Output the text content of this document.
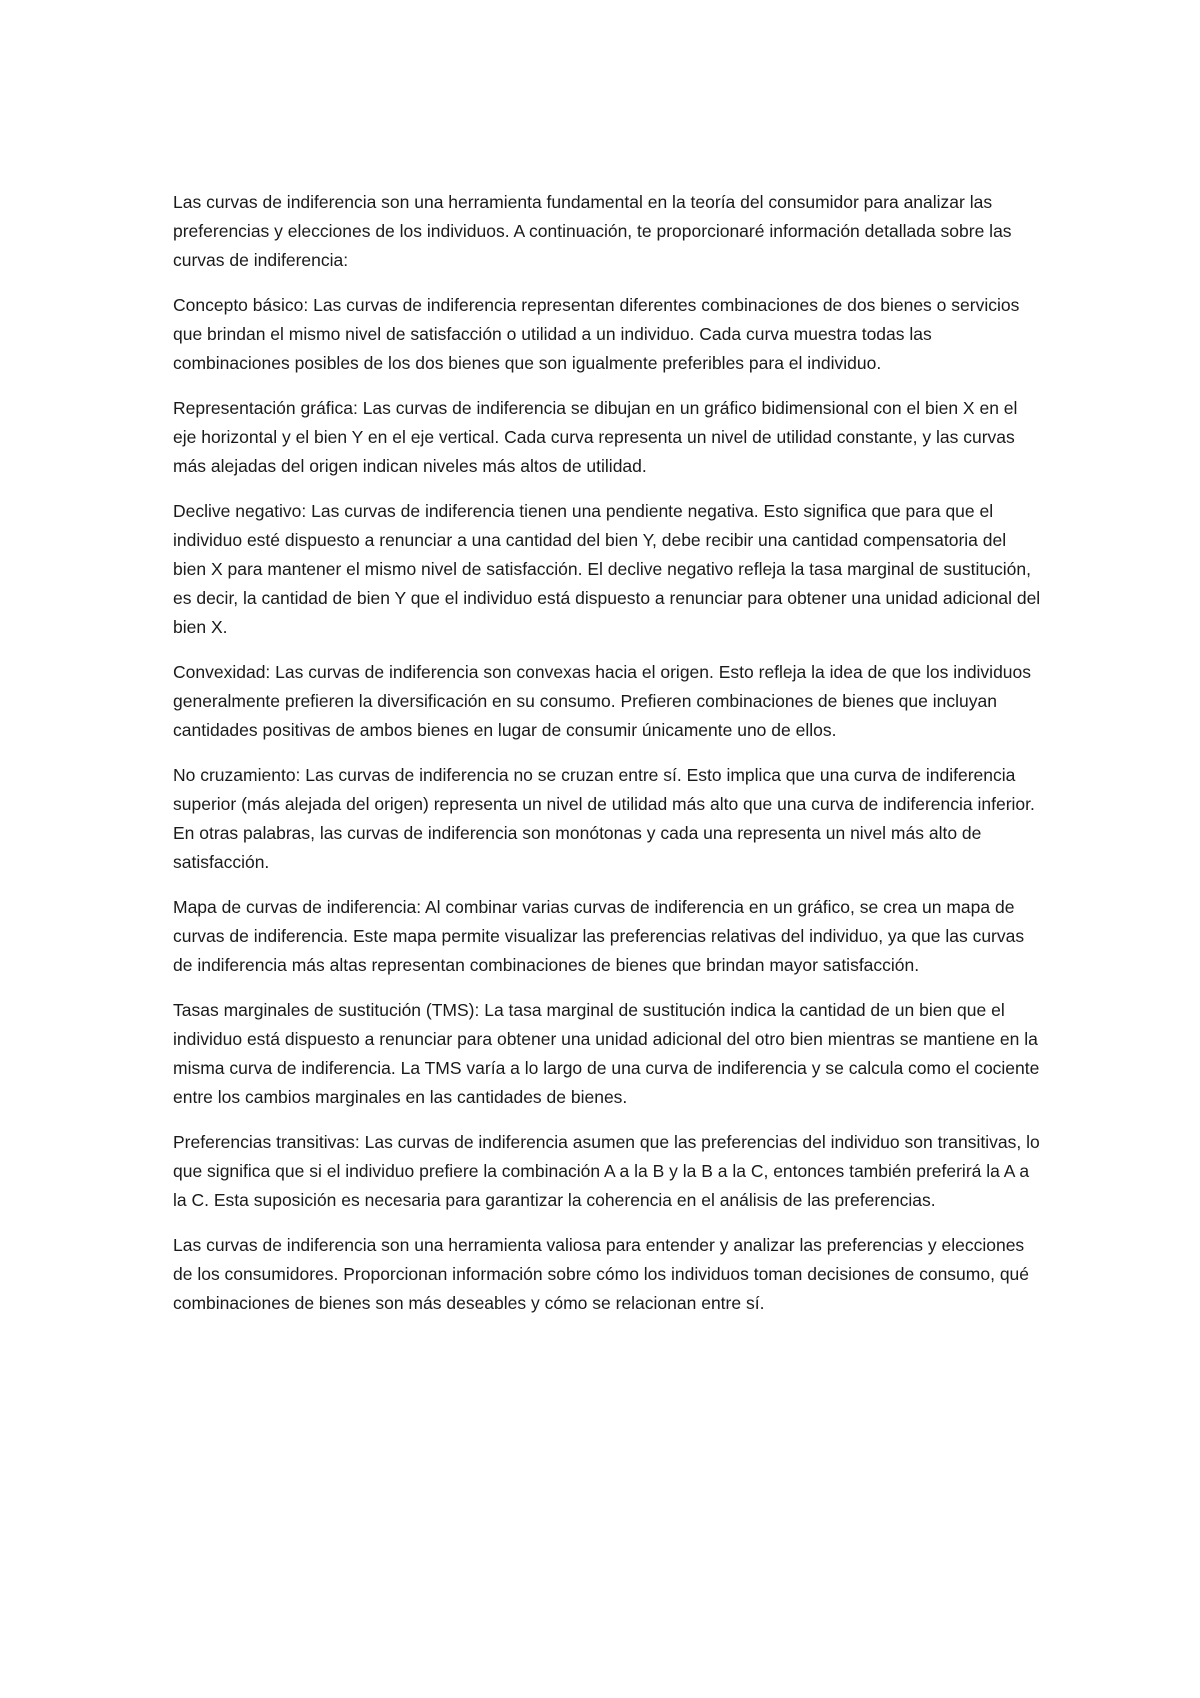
Las curvas de indiferencia son una herramienta fundamental en la teoría del consumidor para analizar las preferencias y elecciones de los individuos. A continuación, te proporcionaré información detallada sobre las curvas de indiferencia:

Concepto básico: Las curvas de indiferencia representan diferentes combinaciones de dos bienes o servicios que brindan el mismo nivel de satisfacción o utilidad a un individuo. Cada curva muestra todas las combinaciones posibles de los dos bienes que son igualmente preferibles para el individuo.

Representación gráfica: Las curvas de indiferencia se dibujan en un gráfico bidimensional con el bien X en el eje horizontal y el bien Y en el eje vertical. Cada curva representa un nivel de utilidad constante, y las curvas más alejadas del origen indican niveles más altos de utilidad.

Declive negativo: Las curvas de indiferencia tienen una pendiente negativa. Esto significa que para que el individuo esté dispuesto a renunciar a una cantidad del bien Y, debe recibir una cantidad compensatoria del bien X para mantener el mismo nivel de satisfacción. El declive negativo refleja la tasa marginal de sustitución, es decir, la cantidad de bien Y que el individuo está dispuesto a renunciar para obtener una unidad adicional del bien X.

Convexidad: Las curvas de indiferencia son convexas hacia el origen. Esto refleja la idea de que los individuos generalmente prefieren la diversificación en su consumo. Prefieren combinaciones de bienes que incluyan cantidades positivas de ambos bienes en lugar de consumir únicamente uno de ellos.

No cruzamiento: Las curvas de indiferencia no se cruzan entre sí. Esto implica que una curva de indiferencia superior (más alejada del origen) representa un nivel de utilidad más alto que una curva de indiferencia inferior. En otras palabras, las curvas de indiferencia son monótonas y cada una representa un nivel más alto de satisfacción.

Mapa de curvas de indiferencia: Al combinar varias curvas de indiferencia en un gráfico, se crea un mapa de curvas de indiferencia. Este mapa permite visualizar las preferencias relativas del individuo, ya que las curvas de indiferencia más altas representan combinaciones de bienes que brindan mayor satisfacción.

Tasas marginales de sustitución (TMS): La tasa marginal de sustitución indica la cantidad de un bien que el individuo está dispuesto a renunciar para obtener una unidad adicional del otro bien mientras se mantiene en la misma curva de indiferencia. La TMS varía a lo largo de una curva de indiferencia y se calcula como el cociente entre los cambios marginales en las cantidades de bienes.

Preferencias transitivas: Las curvas de indiferencia asumen que las preferencias del individuo son transitivas, lo que significa que si el individuo prefiere la combinación A a la B y la B a la C, entonces también preferirá la A a la C. Esta suposición es necesaria para garantizar la coherencia en el análisis de las preferencias.

Las curvas de indiferencia son una herramienta valiosa para entender y analizar las preferencias y elecciones de los consumidores. Proporcionan información sobre cómo los individuos toman decisiones de consumo, qué combinaciones de bienes son más deseables y cómo se relacionan entre sí.
